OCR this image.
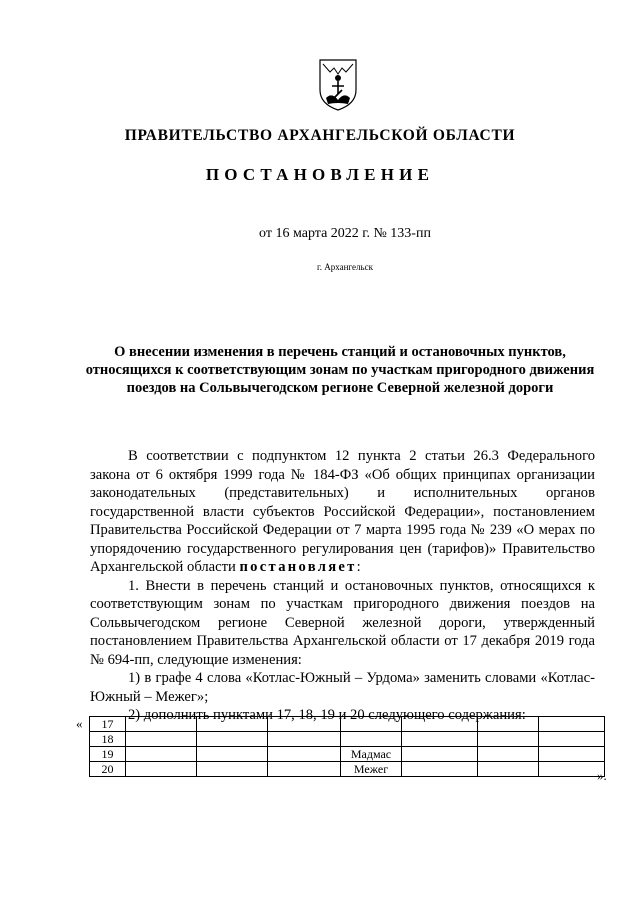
ПРАВИТЕЛЬСТВО АРХАНГЕЛЬСКОЙ ОБЛАСТИ
ПОСТАНОВЛЕНИЕ
от 16 марта 2022 г. № 133-пп
г. Архангельск
О внесении изменения в перечень станций и остановочных пунктов, относящихся к соответствующим зонам по участкам пригородного движения поездов на Сольвычегодском регионе Северной железной дороги

В соответствии с подпунктом 12 пункта 2 статьи 26.3 Федерального закона от 6 октября 1999 года № 184-ФЗ «Об общих принципах организации законодательных (представительных) и исполнительных органов государственной власти субъектов Российской Федерации», постановлением Правительства Российской Федерации от 7 марта 1995 года № 239 «О мерах по упорядочению государственного регулирования цен (тарифов)» Правительство Архангельской области постановляет:

1. Внести в перечень станций и остановочных пунктов, относящихся к соответствующим зонам по участкам пригородного движения поездов на Сольвычегодском регионе Северной железной дороги, утвержденный постановлением Правительства Архангельской области от 17 декабря 2019 года № 694-пп, следующие изменения:

1) в графе 4 слова «Котлас-Южный – Урдома» заменить словами «Котлас-Южный – Межег»;

2) дополнить пунктами 17, 18, 19 и 20 следующего содержания:

« 17							
18							
19				Мадмас			
20				Межег				».
